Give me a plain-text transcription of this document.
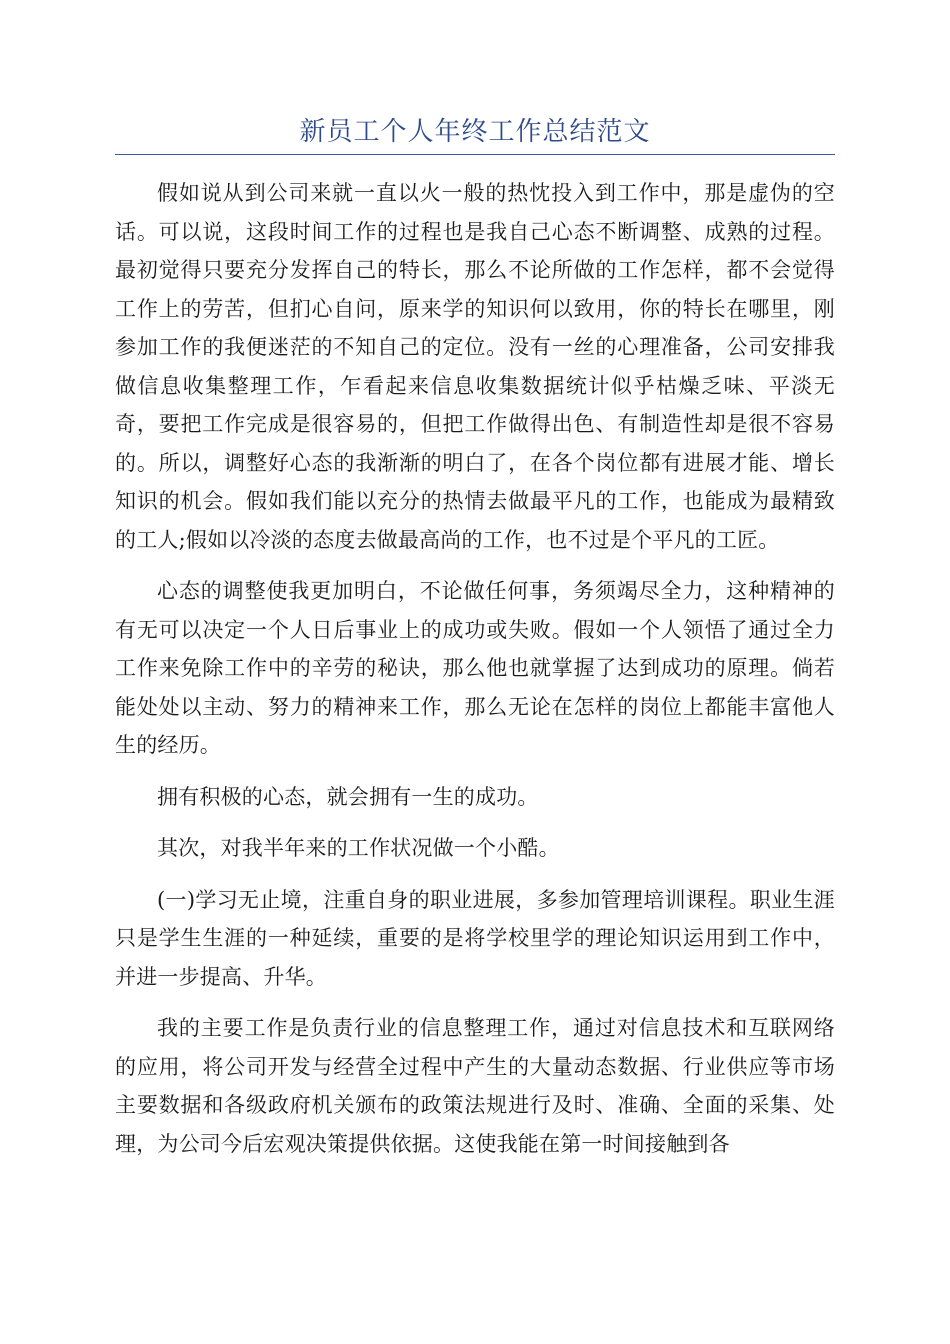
新员工个人年终工作总结范文

假如说从到公司来就一直以火一般的热忱投入到工作中，那是虚伪的空话。可以说，这段时间工作的过程也是我自己心态不断调整、成熟的过程。最初觉得只要充分发挥自己的特长，那么不论所做的工作怎样，都不会觉得工作上的劳苦，但扪心自问，原来学的知识何以致用，你的特长在哪里，刚参加工作的我便迷茫的不知自己的定位。没有一丝的心理准备，公司安排我做信息收集整理工作，乍看起来信息收集数据统计似乎枯燥乏味、平淡无奇，要把工作完成是很容易的，但把工作做得出色、有制造性却是很不容易的。所以，调整好心态的我渐渐的明白了，在各个岗位都有进展才能、增长知识的机会。假如我们能以充分的热情去做最平凡的工作，也能成为最精致的工人;假如以冷淡的态度去做最高尚的工作，也不过是个平凡的工匠。

心态的调整使我更加明白，不论做任何事，务须竭尽全力，这种精神的有无可以决定一个人日后事业上的成功或失败。假如一个人领悟了通过全力工作来免除工作中的辛劳的秘诀，那么他也就掌握了达到成功的原理。倘若能处处以主动、努力的精神来工作，那么无论在怎样的岗位上都能丰富他人生的经历。

拥有积极的心态，就会拥有一生的成功。

其次，对我半年来的工作状况做一个小酷。

(一)学习无止境，注重自身的职业进展，多参加管理培训课程。职业生涯只是学生生涯的一种延续，重要的是将学校里学的理论知识运用到工作中，并进一步提高、升华。

我的主要工作是负责行业的信息整理工作，通过对信息技术和互联网络的应用，将公司开发与经营全过程中产生的大量动态数据、行业供应等市场主要数据和各级政府机关颁布的政策法规进行及时、准确、全面的采集、处理，为公司今后宏观决策提供依据。这使我能在第一时间接触到各
